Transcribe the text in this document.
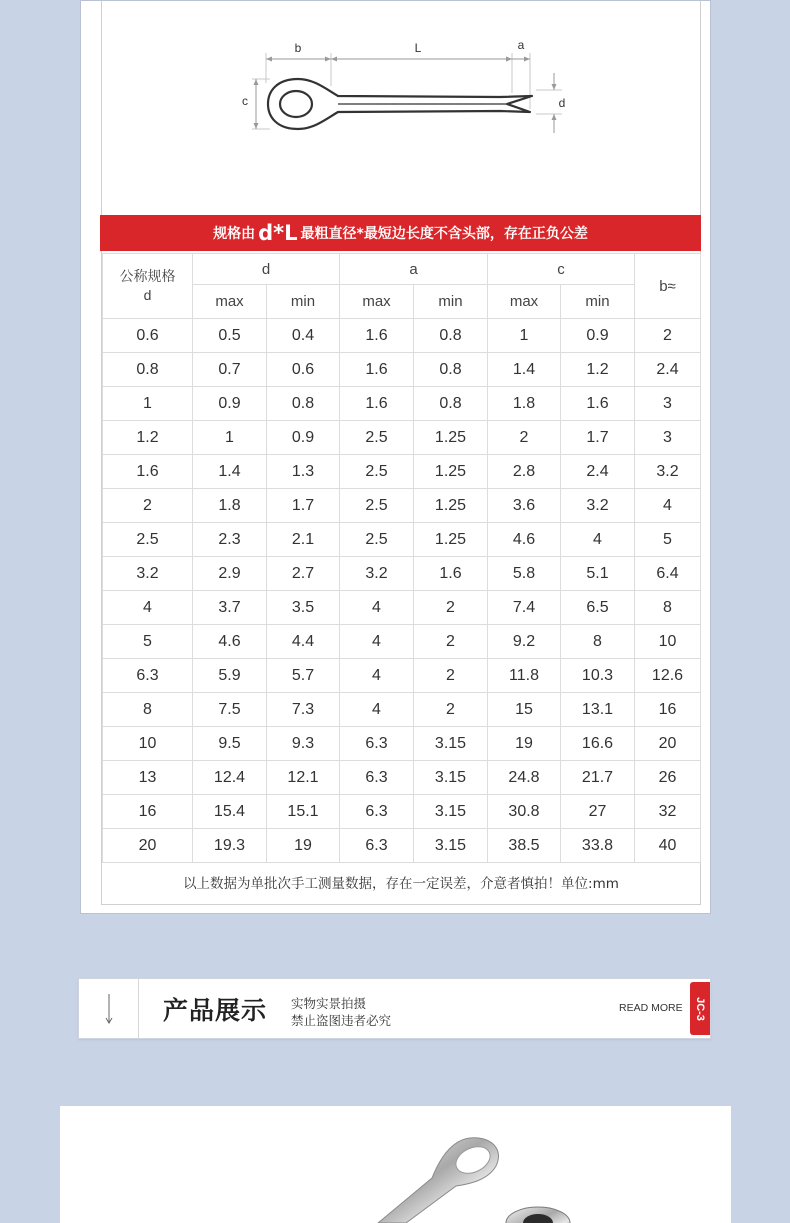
b	L	a
c	d
规格由 d*L 最粗直径*最短边长度不含头部，存在正负公差
公称规格
d	d		a		c		b≈
	max	min	max	min	max	min	
0.6	0.5	0.4	1.6	0.8	1	0.9	2
0.8	0.7	0.6	1.6	0.8	1.4	1.2	2.4
1	0.9	0.8	1.6	0.8	1.8	1.6	3
1.2	1	0.9	2.5	1.25	2	1.7	3
1.6	1.4	1.3	2.5	1.25	2.8	2.4	3.2
2	1.8	1.7	2.5	1.25	3.6	3.2	4
2.5	2.3	2.1	2.5	1.25	4.6	4	5
3.2	2.9	2.7	3.2	1.6	5.8	5.1	6.4
4	3.7	3.5	4	2	7.4	6.5	8
5	4.6	4.4	4	2	9.2	8	10
6.3	5.9	5.7	4	2	11.8	10.3	12.6
8	7.5	7.3	4	2	15	13.1	16
10	9.5	9.3	6.3	3.15	19	16.6	20
13	12.4	12.1	6.3	3.15	24.8	21.7	26
16	15.4	15.1	6.3	3.15	30.8	27	32
20	19.3	19	6.3	3.15	38.5	33.8	40
以上数据为单批次手工测量数据，存在一定误差，介意者慎拍！单位:mm
产品展示 实物实景拍摄
禁止盗图违者必究
READ MORE JC-3
